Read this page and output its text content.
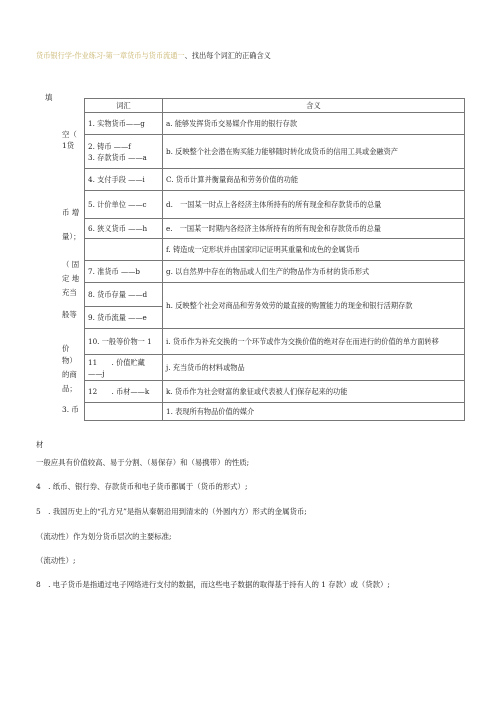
货币银行学-作业练习-第一章货币与货币流通一、找出每个词汇的正确含义
填
空（
1货
币 增
量）；
（ 固
定 地
充当
般等
价
物）
的商
品；
3. 币
词汇	含义
1. 实物货币——g	a. 能够发挥货币交易媒介作用的银行存款
2. 铸币 ——f
3. 存款货币 ——a	b. 反映整个社会潜在购买能力能够随时转化成货币的信用工具或金融资产
4. 支付手段 ——i	C. 货币计算并衡量商品和劳务价值的功能
5. 计价单位 ——c	d.　一国某一时点上各经济主体所持有的所有现金和存款货币的总量
6. 狭义货币 ——h	e.　一国某一时期内各经济主体所持有的所有现金和存款货币的总量
	f. 铸造成一定形状并由国家印记证明其重量和成色的金属货币
7. 准货币 ——b	g. 以自然界中存在的物品或人们生产的物品作为币材的货币形式
8. 货币存量 ——d	h. 反映整个社会对商品和劳务效劳的最直接的购置能力的现金和银行活期存款
9. 货币流量 ——e	
10. 一般等价物一 1	i. 货币作为补充交换的一个环节或作为交换价值的绝对存在而进行的价值的单方面转移
11　　. 价值贮藏 ——j	j. 充当货币的材料或物品
12　　. 币材——k	k. 货币作为社会财富的象征或代表被人们保存起来的功能
	1. 表现所有物品价值的媒介
材
一般应具有价值较高、易于分割、（易保存）和（易携带）的性质;
4　. 纸币、银行券、存款货币和电子货币都属于（货币的形式）;
5　. 我国历史上的“孔方兄”是指从秦朝沿用到清末的（外圆内方）形式的金属货币;
（流动性）作为划分货币层次的主要标准;
（流动性）;
8　. 电子货币是指通过电子网络进行支付的数据，而这些电子数据的取得基于持有人的 1 存款）或（贷款）;
